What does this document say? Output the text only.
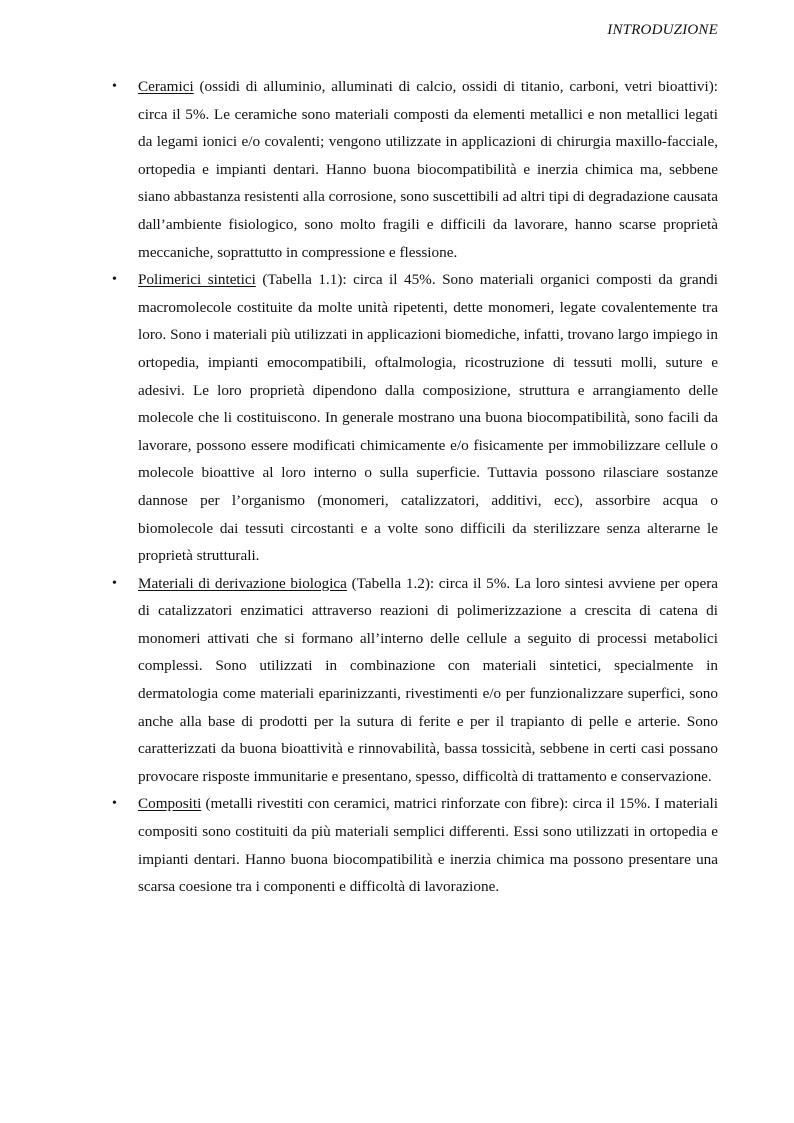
INTRODUZIONE
•	Ceramici (ossidi di alluminio, alluminati di calcio, ossidi di titanio, carboni, vetri bioattivi): circa il 5%. Le ceramiche sono materiali composti da elementi metallici e non metallici legati da legami ionici e/o covalenti; vengono utilizzate in applicazioni di chirurgia maxillo-facciale, ortopedia e impianti dentari. Hanno buona biocompatibilità e inerzia chimica ma, sebbene siano abbastanza resistenti alla corrosione, sono suscettibili ad altri tipi di degradazione causata dall’ambiente fisiologico, sono molto fragili e difficili da lavorare, hanno scarse proprietà meccaniche, soprattutto in compressione e flessione.
•	Polimerici sintetici (Tabella 1.1): circa il 45%. Sono materiali organici composti da grandi macromolecole costituite da molte unità ripetenti, dette monomeri, legate covalentemente tra loro. Sono i materiali più utilizzati in applicazioni biomediche, infatti, trovano largo impiego in ortopedia, impianti emocompatibili, oftalmologia, ricostruzione di tessuti molli, suture e adesivi. Le loro proprietà dipendono dalla composizione, struttura e arrangiamento delle molecole che li costituiscono. In generale mostrano una buona biocompatibilità, sono facili da lavorare, possono essere modificati chimicamente e/o fisicamente per immobilizzare cellule o molecole bioattive al loro interno o sulla superficie. Tuttavia possono rilasciare sostanze dannose per l’organismo (monomeri, catalizzatori, additivi, ecc), assorbire acqua o biomolecole dai tessuti circostanti e a volte sono difficili da sterilizzare senza alterarne le proprietà strutturali.
•	Materiali di derivazione biologica (Tabella 1.2): circa il 5%. La loro sintesi avviene per opera di catalizzatori enzimatici attraverso reazioni di polimerizzazione a crescita di catena di monomeri attivati che si formano all’interno delle cellule a seguito di processi metabolici complessi. Sono utilizzati in combinazione con materiali sintetici, specialmente in dermatologia come materiali eparinizzanti, rivestimenti e/o per funzionalizzare superfici, sono anche alla base di prodotti per la sutura di ferite e per il trapianto di pelle e arterie. Sono caratterizzati da buona bioattività e rinnovabilità, bassa tossicità, sebbene in certi casi possano provocare risposte immunitarie e presentano, spesso, difficoltà di trattamento e conservazione.
•	Compositi (metalli rivestiti con ceramici, matrici rinforzate con fibre): circa il 15%. I materiali compositi sono costituiti da più materiali semplici differenti. Essi sono utilizzati in ortopedia e impianti dentari. Hanno buona biocompatibilità e inerzia chimica ma possono presentare una scarsa coesione tra i componenti e difficoltà di lavorazione.
